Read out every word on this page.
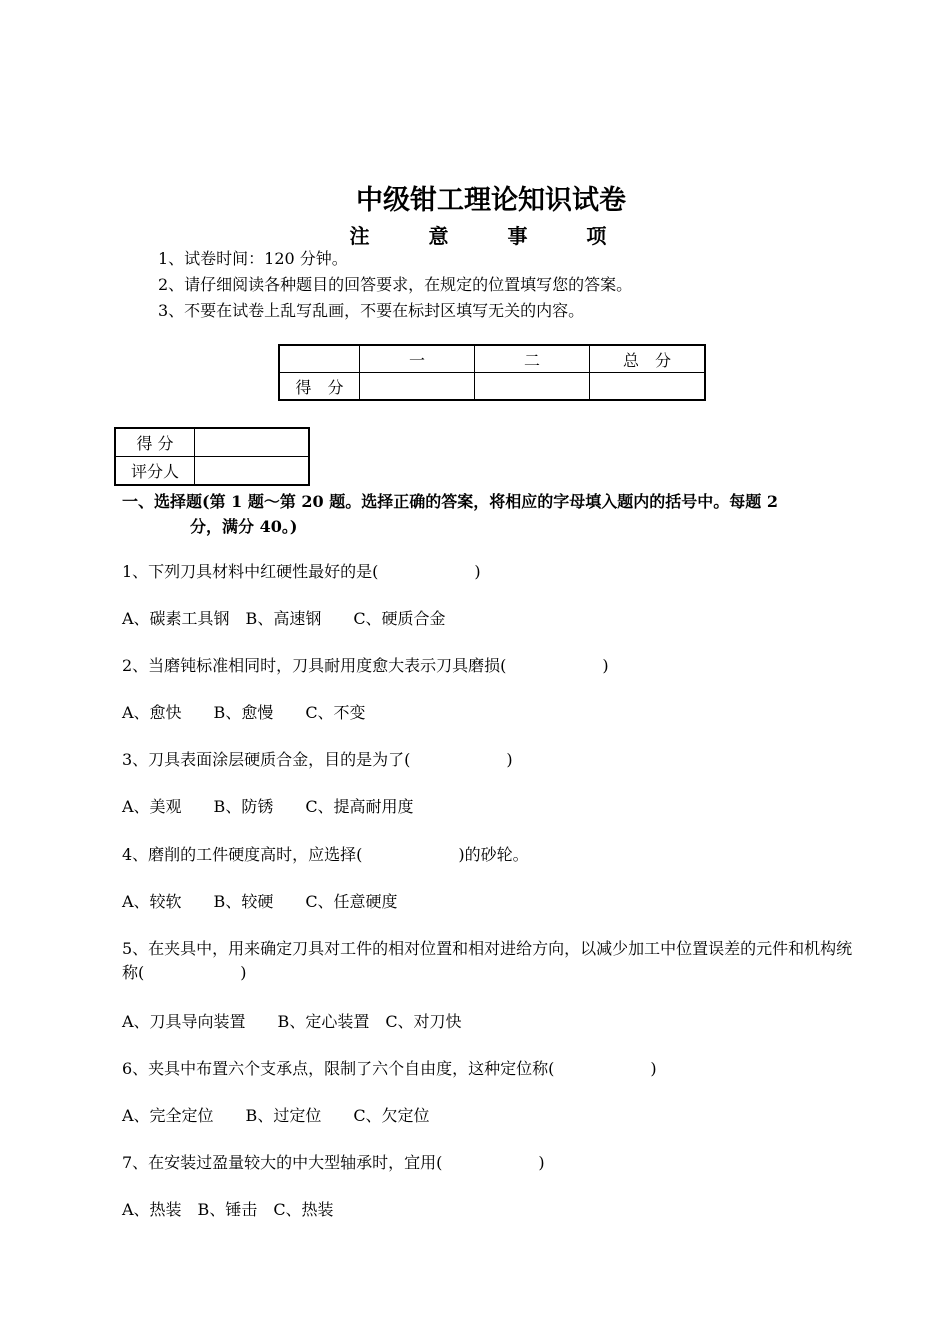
中级钳工理论知识试卷
注 意 事 项
1、试卷时间：120 分钟。
2、请仔细阅读各种题目的回答要求，在规定的位置填写您的答案。
3、不要在试卷上乱写乱画，不要在标封区填写无关的内容。
	一	二	总　分
得　分			
得 分	
评分人	
一、选择题(第 1 题～第 20 题。选择正确的答案，将相应的字母填入题内的括号中。每题 2
分，满分 40。)
1、下列刀具材料中红硬性最好的是(　　　　　　)
A、碳素工具钢　B、高速钢　　C、硬质合金
2、当磨钝标准相同时，刀具耐用度愈大表示刀具磨损(　　　　　　)
A、愈快　　B、愈慢　　C、不变
3、刀具表面涂层硬质合金，目的是为了(　　　　　　)
A、美观　　B、防锈　　C、提高耐用度
4、磨削的工件硬度高时，应选择(　　　　　　)的砂轮。
A、较软　　B、较硬　　C、任意硬度
5、在夹具中，用来确定刀具对工件的相对位置和相对进给方向，以减少加工中位置误差的元件和机构统称(　　　　　　)
A、刀具导向装置　　B、定心装置　C、对刀快
6、夹具中布置六个支承点，限制了六个自由度，这种定位称(　　　　　　)
A、完全定位　　B、过定位　　C、欠定位
7、在安装过盈量较大的中大型轴承时，宜用(　　　　　　)
A、热装　B、锤击　C、热装
